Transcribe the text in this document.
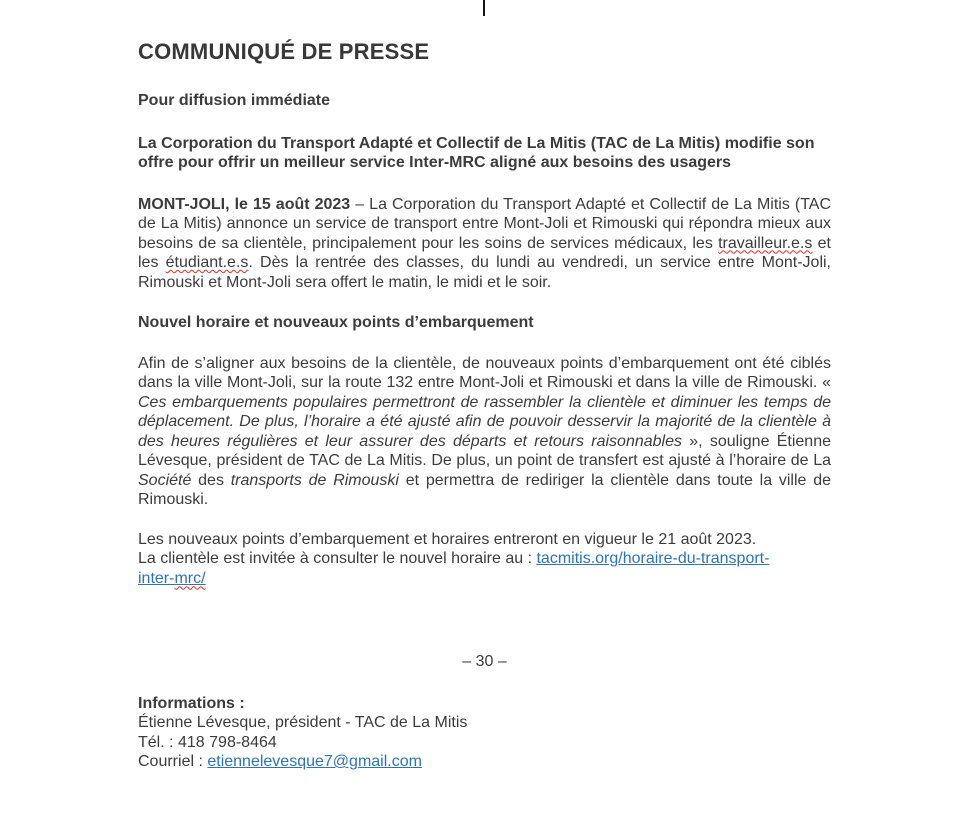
COMMUNIQUÉ DE PRESSE

Pour diffusion immédiate

La Corporation du Transport Adapté et Collectif de La Mitis (TAC de La Mitis) modifie son offre pour offrir un meilleur service Inter-MRC aligné aux besoins des usagers

MONT-JOLI, le 15 août 2023 – La Corporation du Transport Adapté et Collectif de La Mitis (TAC de La Mitis) annonce un service de transport entre Mont-Joli et Rimouski qui répondra mieux aux besoins de sa clientèle, principalement pour les soins de services médicaux, les travailleur.e.s et les étudiant.e.s. Dès la rentrée des classes, du lundi au vendredi, un service entre Mont-Joli, Rimouski et Mont-Joli sera offert le matin, le midi et le soir.

Nouvel horaire et nouveaux points d’embarquement

Afin de s’aligner aux besoins de la clientèle, de nouveaux points d’embarquement ont été ciblés dans la ville Mont-Joli, sur la route 132 entre Mont-Joli et Rimouski et dans la ville de Rimouski. « Ces embarquements populaires permettront de rassembler la clientèle et diminuer les temps de déplacement. De plus, l’horaire a été ajusté afin de pouvoir desservir la majorité de la clientèle à des heures régulières et leur assurer des départs et retours raisonnables », souligne Étienne Lévesque, président de TAC de La Mitis. De plus, un point de transfert est ajusté à l’horaire de La Société des transports de Rimouski et permettra de rediriger la clientèle dans toute la ville de Rimouski.

Les nouveaux points d’embarquement et horaires entreront en vigueur le 21 août 2023.
La clientèle est invitée à consulter le nouvel horaire au : tacmitis.org/horaire-du-transport-
inter-mrc/

– 30 –

Informations :
Étienne Lévesque, président - TAC de La Mitis
Tél. : 418 798-8464
Courriel : etiennelevesque7@gmail.com
